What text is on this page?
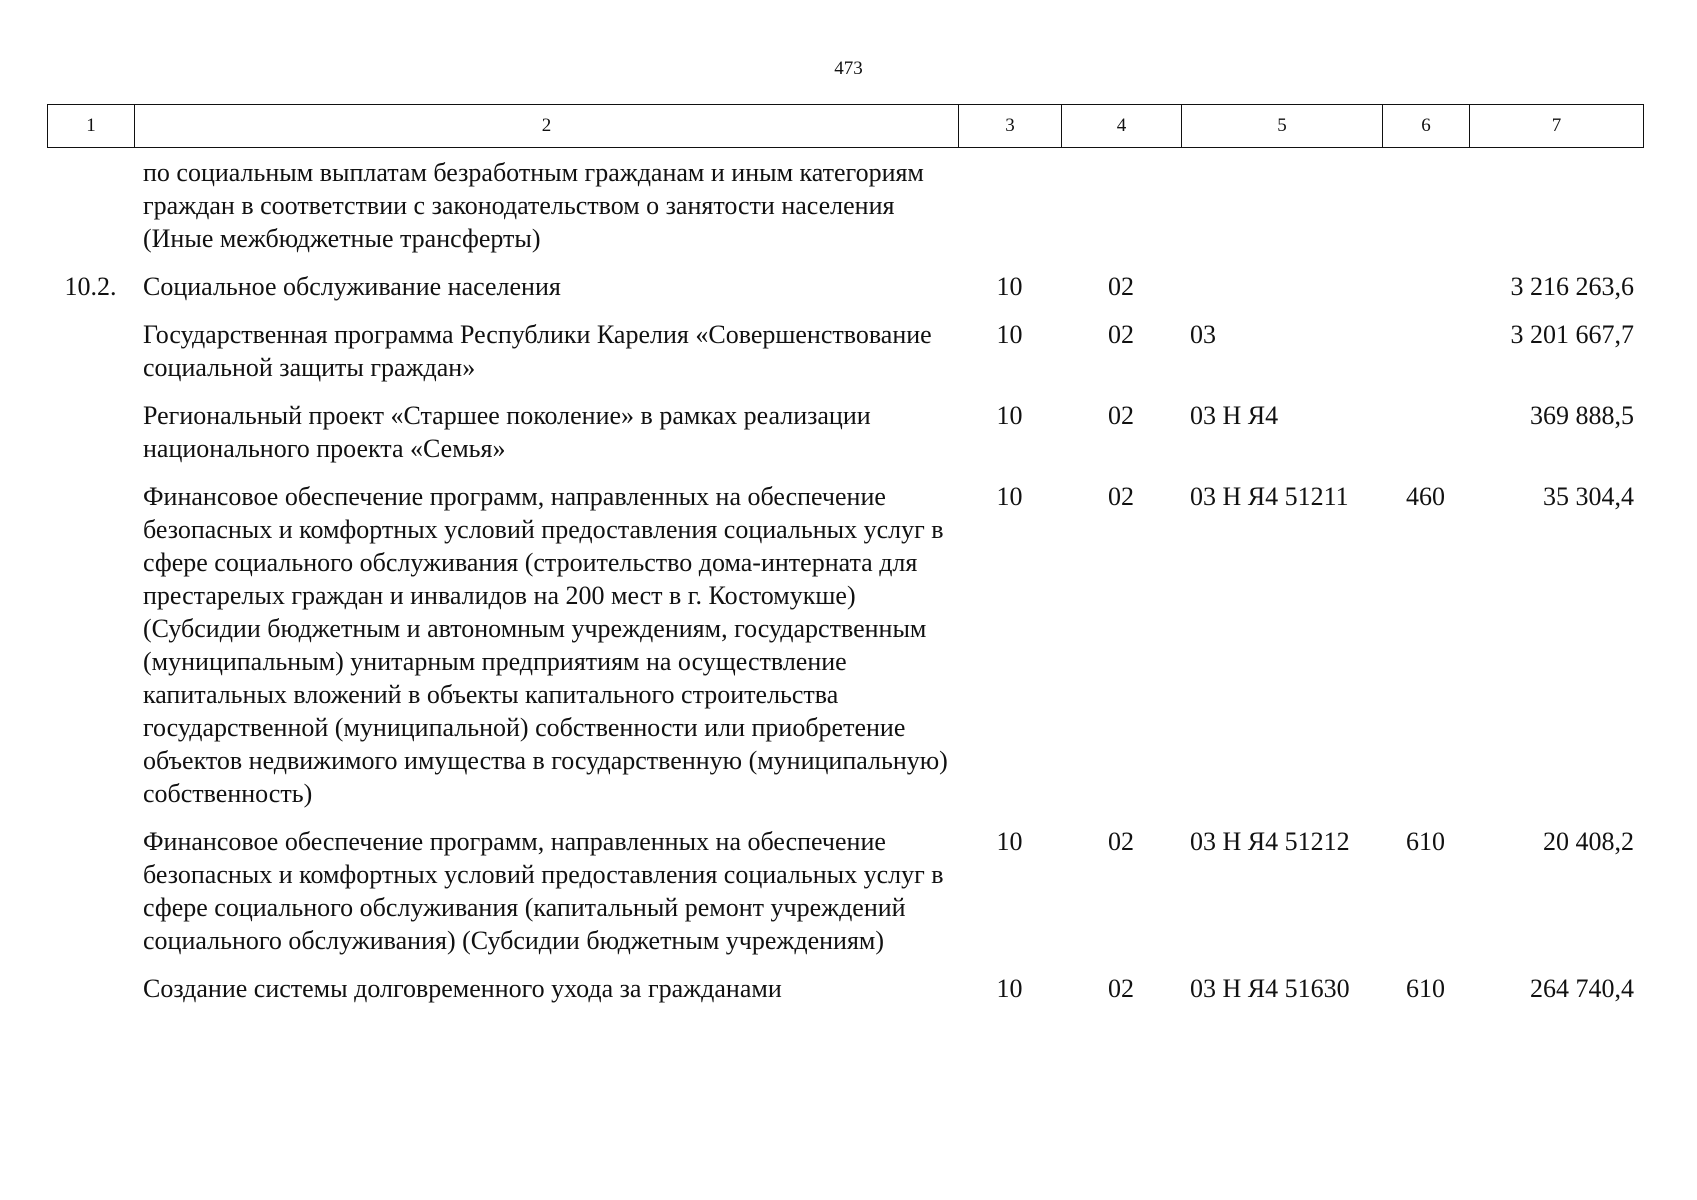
473
1	2	3	4	5	6	7
	по социальным выплатам безработным гражданам и иным категориям граждан в соответствии с законодательством о занятости населения (Иные межбюджетные трансферты)					
10.2.	Социальное обслуживание населения	10	02			3 216 263,6
	Государственная программа Республики Карелия «Совершенствование социальной защиты граждан»	10	02	03		3 201 667,7
	Региональный проект «Старшее поколение» в рамках реализации национального проекта «Семья»	10	02	03 Н Я4		369 888,5
	Финансовое обеспечение программ, направленных на обеспечение безопасных и комфортных условий предоставления социальных услуг в сфере социального обслуживания (строительство дома-интерната для престарелых граждан и инвалидов на 200 мест в г. Костомукше) (Субсидии бюджетным и автономным учреждениям, государственным (муниципальным) унитарным предприятиям на осуществление капитальных вложений в объекты капитального строительства государственной (муниципальной) собственности или приобретение объектов недвижимого имущества в государственную (муниципальную) собственность)	10	02	03 Н Я4 51211	460	35 304,4
	Финансовое обеспечение программ, направленных на обеспечение безопасных и комфортных условий предоставления социальных услуг в сфере социального обслуживания (капитальный ремонт учреждений социального обслуживания) (Субсидии бюджетным учреждениям)	10	02	03 Н Я4 51212	610	20 408,2
	Создание системы долговременного ухода за гражданами	10	02	03 Н Я4 51630	610	264 740,4
